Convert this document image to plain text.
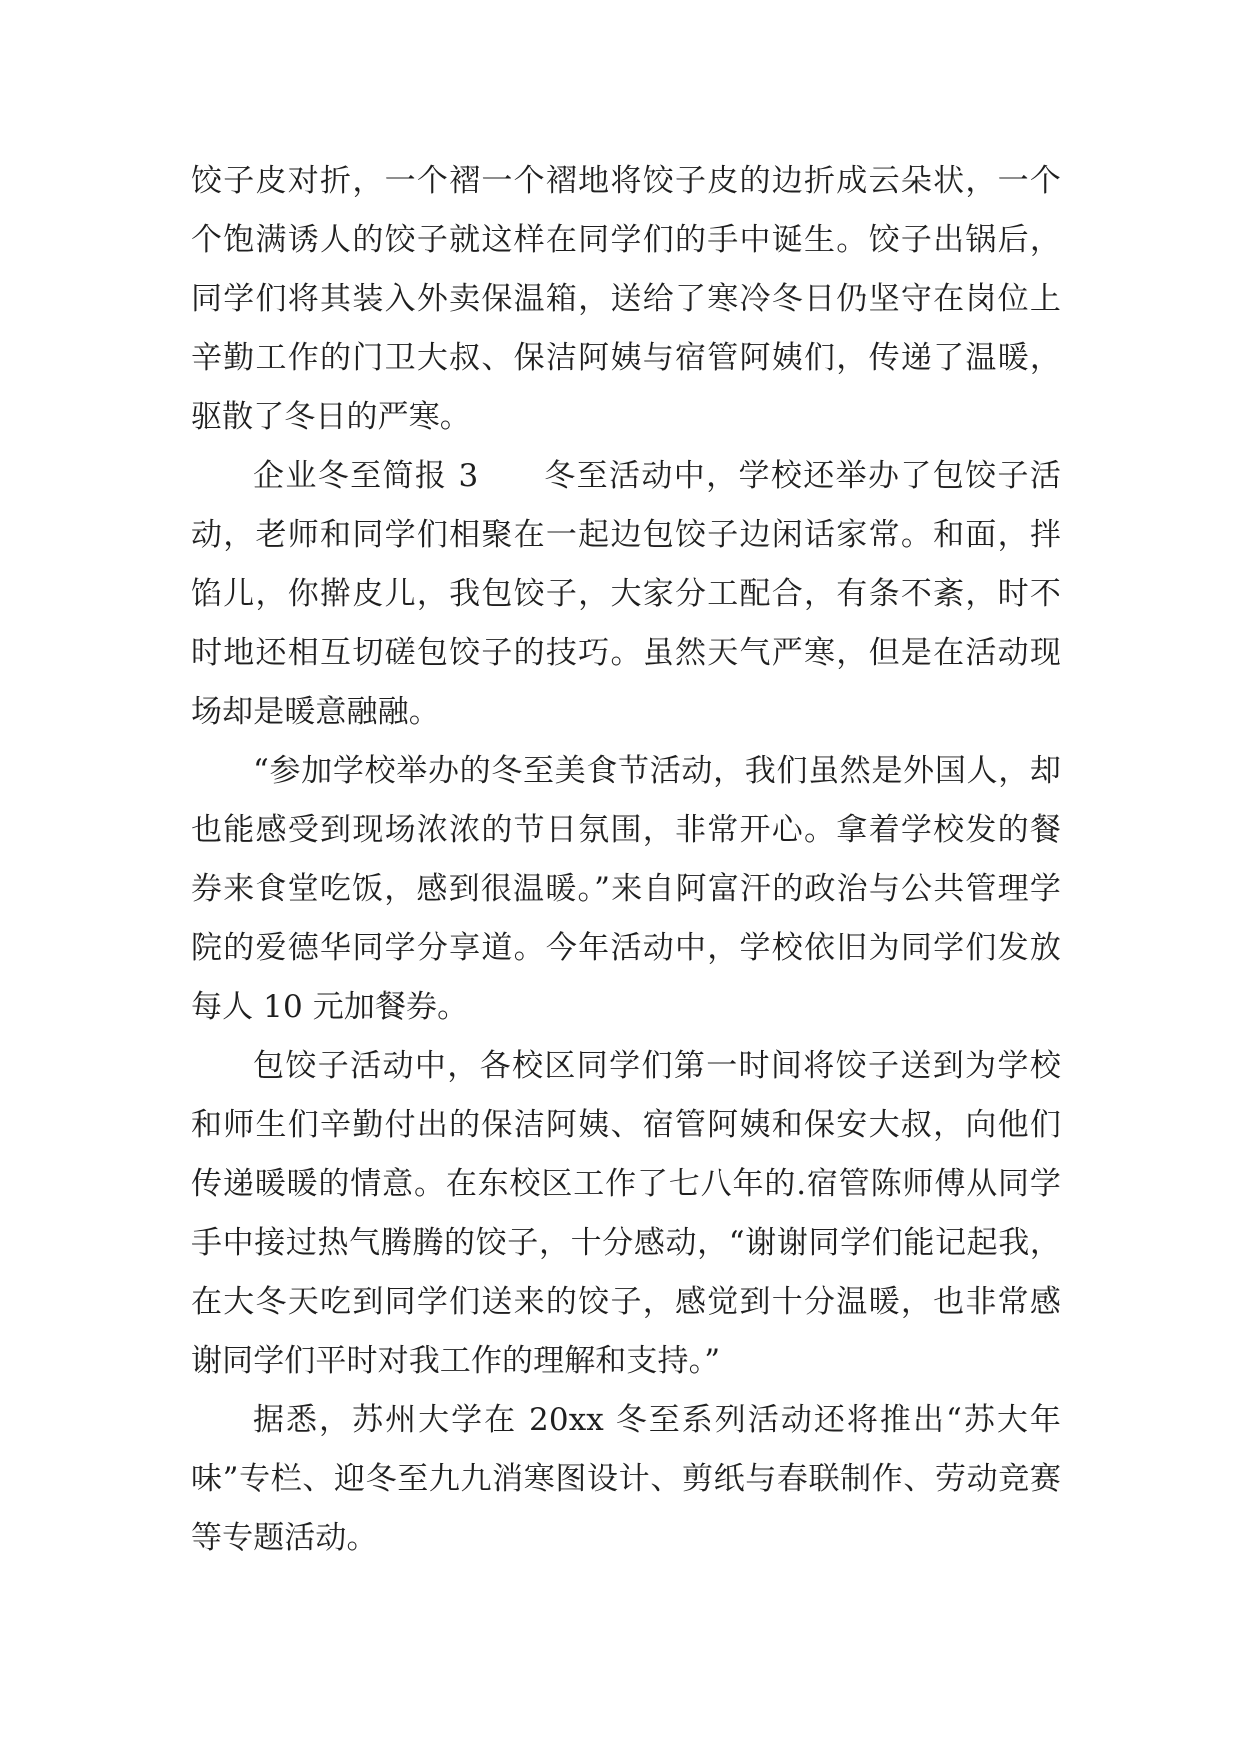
饺子皮对折，一个褶一个褶地将饺子皮的边折成云朵状，一个个饱满诱人的饺子就这样在同学们的手中诞生。饺子出锅后，同学们将其装入外卖保温箱，送给了寒冷冬日仍坚守在岗位上辛勤工作的门卫大叔、保洁阿姨与宿管阿姨们，传递了温暖，驱散了冬日的严寒。

企业冬至简报 3　　冬至活动中，学校还举办了包饺子活动，老师和同学们相聚在一起边包饺子边闲话家常。和面，拌馅儿，你擀皮儿，我包饺子，大家分工配合，有条不紊，时不时地还相互切磋包饺子的技巧。虽然天气严寒，但是在活动现场却是暖意融融。

“参加学校举办的冬至美食节活动，我们虽然是外国人，却也能感受到现场浓浓的节日氛围，非常开心。拿着学校发的餐券来食堂吃饭，感到很温暖。”来自阿富汗的政治与公共管理学院的爱德华同学分享道。今年活动中，学校依旧为同学们发放每人 10 元加餐券。

包饺子活动中，各校区同学们第一时间将饺子送到为学校和师生们辛勤付出的保洁阿姨、宿管阿姨和保安大叔，向他们传递暖暖的情意。在东校区工作了七八年的.宿管陈师傅从同学手中接过热气腾腾的饺子，十分感动，“谢谢同学们能记起我，在大冬天吃到同学们送来的饺子，感觉到十分温暖，也非常感谢同学们平时对我工作的理解和支持。”

据悉，苏州大学在 20xx 冬至系列活动还将推出“苏大年味”专栏、迎冬至九九消寒图设计、剪纸与春联制作、劳动竞赛等专题活动。
